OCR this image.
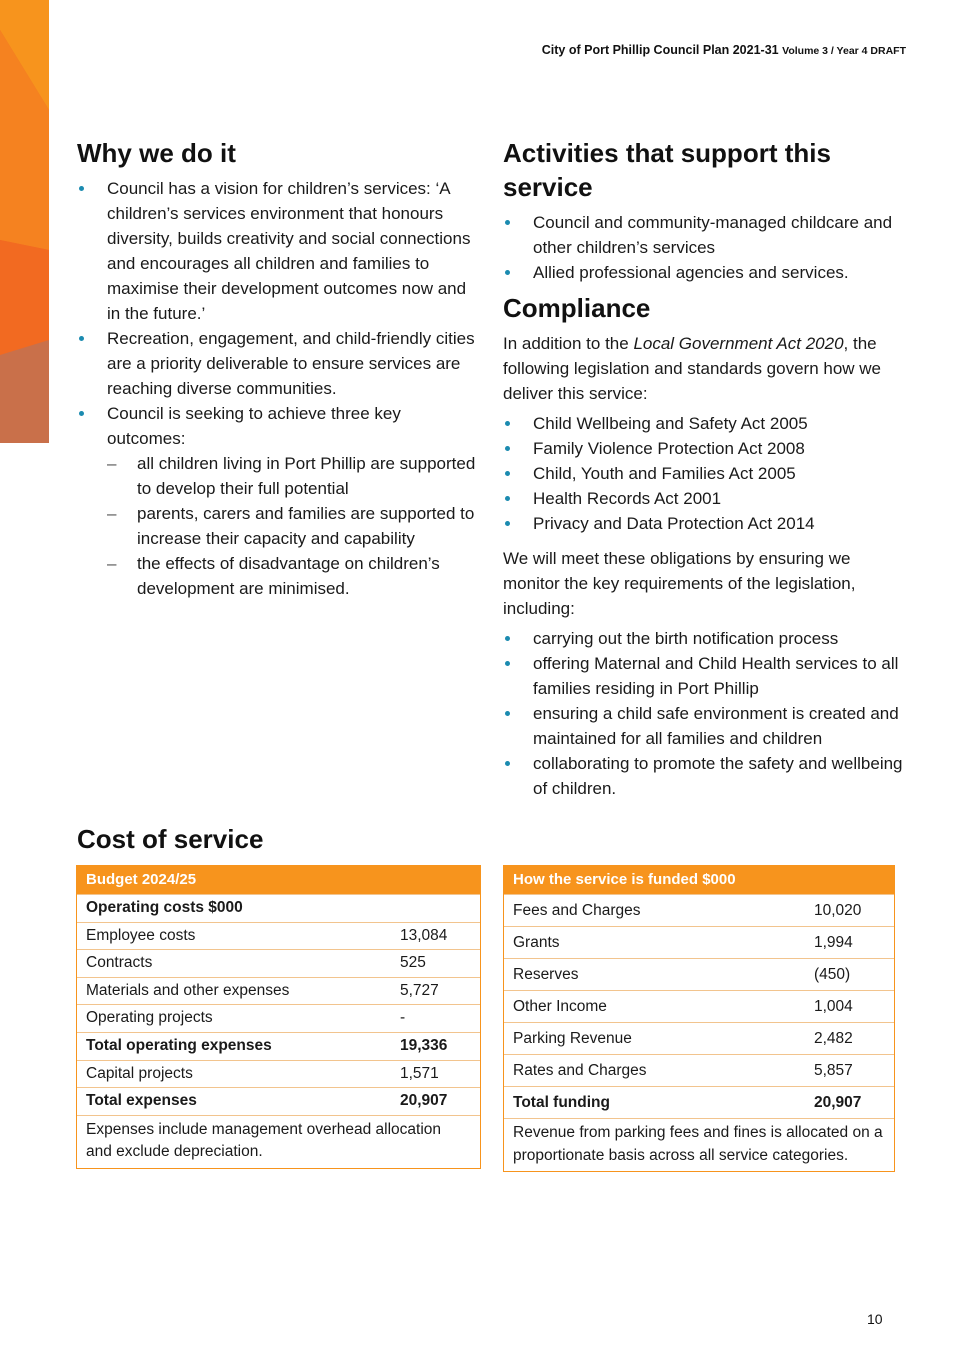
City of Port Phillip Council Plan 2021-31 Volume 3 / Year 4 DRAFT
Why we do it
Council has a vision for children’s services: ‘A children’s services environment that honours diversity, builds creativity and social connections and encourages all children and families to maximise their development outcomes now and in the future.’
Recreation, engagement, and child-friendly cities are a priority deliverable to ensure services are reaching diverse communities.
Council is seeking to achieve three key outcomes:
– all children living in Port Phillip are supported to develop their full potential
– parents, carers and families are supported to increase their capacity and capability
– the effects of disadvantage on children’s development are minimised.
Activities that support this service
Council and community-managed childcare and other children’s services
Allied professional agencies and services.
Compliance

In addition to the Local Government Act 2020, the following legislation and standards govern how we deliver this service:

Child Wellbeing and Safety Act 2005
Family Violence Protection Act 2008
Child, Youth and Families Act 2005
Health Records Act 2001
Privacy and Data Protection Act 2014

We will meet these obligations by ensuring we monitor the key requirements of the legislation, including:

carrying out the birth notification process
offering Maternal and Child Health services to all families residing in Port Phillip
ensuring a child safe environment is created and maintained for all families and children
collaborating to promote the safety and wellbeing of children.
Cost of service
Budget 2024/25
Operating costs $000
Employee costs	13,084
Contracts	525
Materials and other expenses	5,727
Operating projects	-
Total operating expenses	19,336
Capital projects	1,571
Total expenses	20,907
Expenses include management overhead allocation and exclude depreciation.
How the service is funded $000
Fees and Charges	10,020
Grants	1,994
Reserves	(450)
Other Income	1,004
Parking Revenue	2,482
Rates and Charges	5,857
Total funding	20,907
Revenue from parking fees and fines is allocated on a proportionate basis across all service categories.
10
